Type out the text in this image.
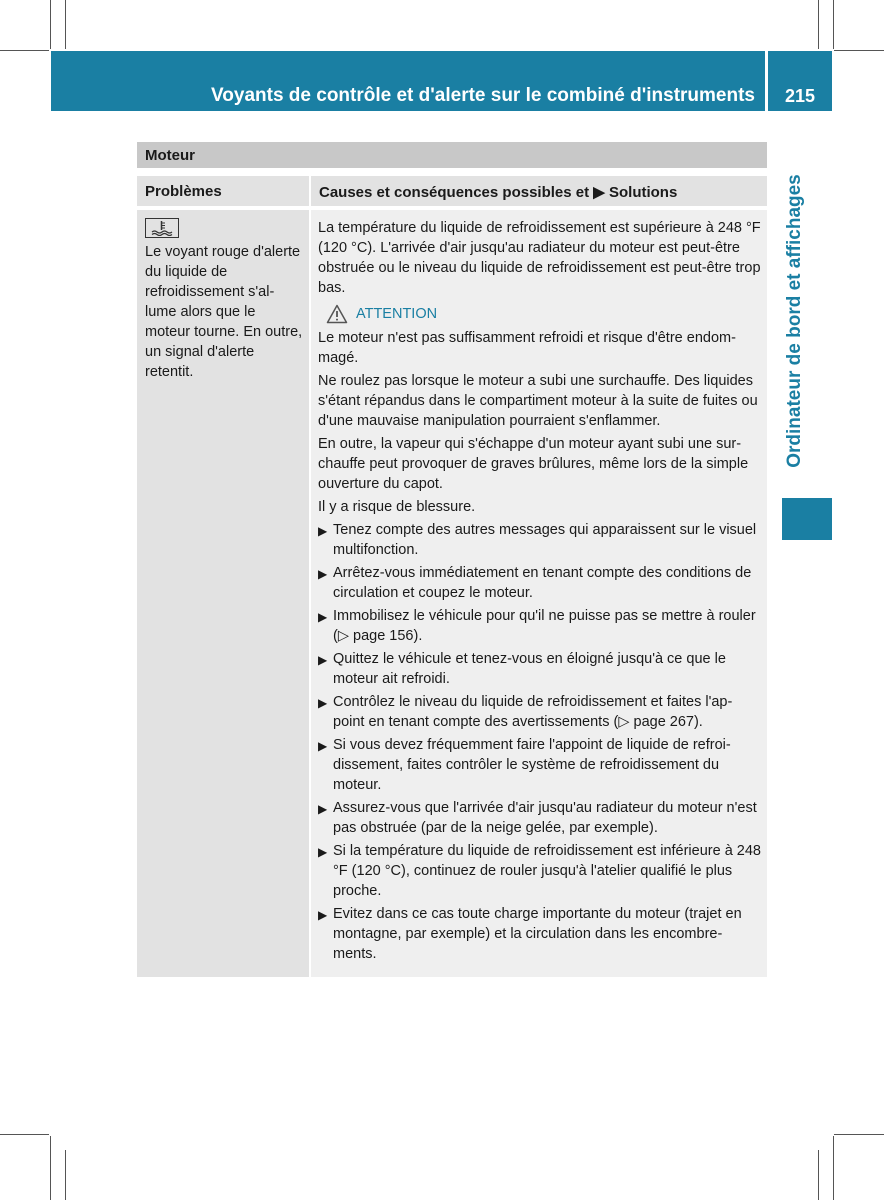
Voyants de contrôle et d'alerte sur le combiné d'instruments	215
Ordinateur de bord et affichages
Moteur
Problèmes	Causes et conséquences possibles et ▶ Solutions
Le voyant rouge d'alerte du liquide de refroidissement s'al-lume alors que le moteur tourne. En outre, un signal d'alerte retentit.
La température du liquide de refroidissement est supérieure à 248 °F (120 °C). L'arrivée d'air jusqu'au radiateur du moteur est peut-être obstruée ou le niveau du liquide de refroidissement est peut-être trop bas.
ATTENTION
Le moteur n'est pas suffisamment refroidi et risque d'être endom-magé.
Ne roulez pas lorsque le moteur a subi une surchauffe. Des liquides s'étant répandus dans le compartiment moteur à la suite de fuites ou d'une mauvaise manipulation pourraient s'enflammer.
En outre, la vapeur qui s'échappe d'un moteur ayant subi une sur-chauffe peut provoquer de graves brûlures, même lors de la simple ouverture du capot.
Il y a risque de blessure.
▶ Tenez compte des autres messages qui apparaissent sur le visuel multifonction.
▶ Arrêtez-vous immédiatement en tenant compte des conditions de circulation et coupez le moteur.
▶ Immobilisez le véhicule pour qu'il ne puisse pas se mettre à rouler (▷ page 156).
▶ Quittez le véhicule et tenez-vous en éloigné jusqu'à ce que le moteur ait refroidi.
▶ Contrôlez le niveau du liquide de refroidissement et faites l'ap-point en tenant compte des avertissements (▷ page 267).
▶ Si vous devez fréquemment faire l'appoint de liquide de refroi-dissement, faites contrôler le système de refroidissement du moteur.
▶ Assurez-vous que l'arrivée d'air jusqu'au radiateur du moteur n'est pas obstruée (par de la neige gelée, par exemple).
▶ Si la température du liquide de refroidissement est inférieure à 248 °F (120 °C), continuez de rouler jusqu'à l'atelier qualifié le plus proche.
▶ Evitez dans ce cas toute charge importante du moteur (trajet en montagne, par exemple) et la circulation dans les encombre-ments.
